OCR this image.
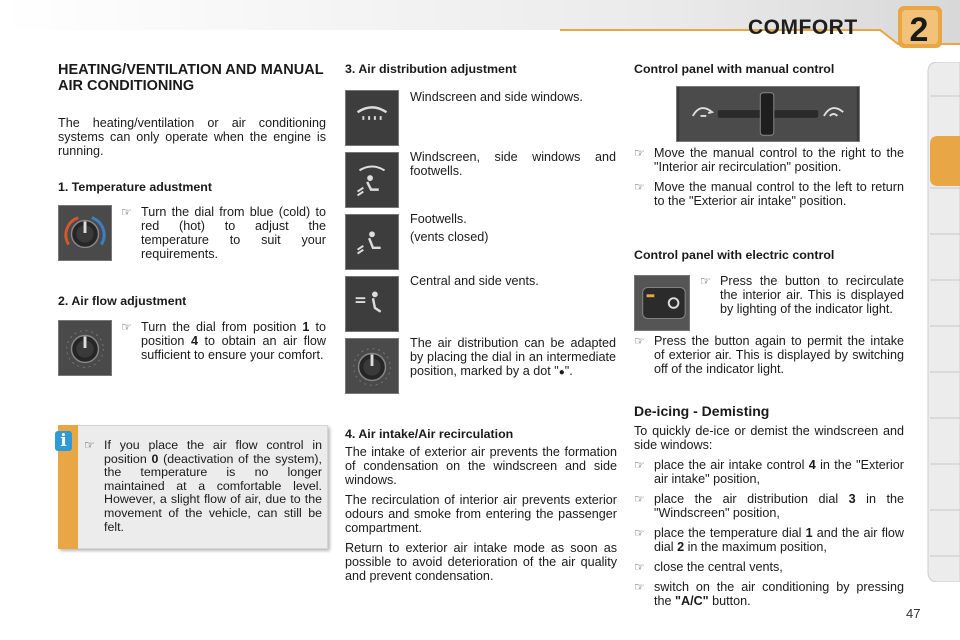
COMFORT	2
HEATING/VENTILATION AND MANUAL AIR CONDITIONING

The heating/ventilation or air conditioning systems can only operate when the engine is running.

1. Temperature adustment
☞ Turn the dial from blue (cold) to red (hot) to adjust the temperature to suit your requirements.
2. Air flow adjustment
☞ Turn the dial from position 1 to position 4 to obtain an air flow sufficient to ensure your comfort.
i	☞ If you place the air flow control in position 0 (deactivation of the system), the temperature is no longer maintained at a comfortable level. However, a slight flow of air, due to the movement of the vehicle, can still be felt.
3. Air distribution adjustment
Windscreen and side windows.
Windscreen, side windows and footwells.
Footwells.
(vents closed)
Central and side vents.
The air distribution can be adapted by placing the dial in an intermediate position, marked by a dot "●".
4. Air intake/Air recirculation

The intake of exterior air prevents the formation of condensation on the windscreen and side windows.

The recirculation of interior air prevents exterior odours and smoke from entering the passenger compartment.

Return to exterior air intake mode as soon as possible to avoid deterioration of the air quality and prevent condensation.

Control panel with manual control
☞ Move the manual control to the right to the "Interior air recirculation" position.
☞ Move the manual control to the left to return to the "Exterior air intake" position.
Control panel with electric control
☞ Press the button to recirculate the interior air. This is displayed by lighting of the indicator light.
☞ Press the button again to permit the intake of exterior air. This is displayed by switching off of the indicator light.
De-icing - Demisting

To quickly de-ice or demist the windscreen and side windows:

☞ place the air intake control 4 in the "Exterior air intake" position,
☞ place the air distribution dial 3 in the "Windscreen" position,
☞ place the temperature dial 1 and the air flow dial 2 in the maximum position,
☞ close the central vents,
☞ switch on the air conditioning by pressing the "A/C" button.
47
